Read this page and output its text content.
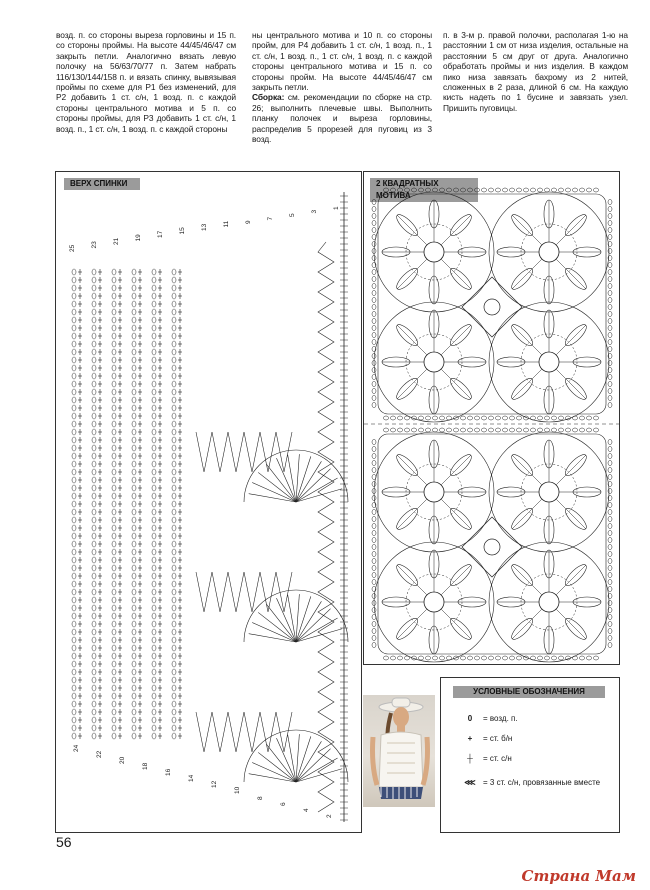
возд. п. со стороны выреза горловины и 15 п. со стороны проймы. На высоте 44/45/46/47 см закрыть петли. Аналогично вязать левую полочку на 56/63/70/77 п. Затем набрать 116/130/144/158 п. и вязать спинку, вывязывая проймы по схеме для Р1 без изменений, для Р2 добавить 1 ст. с/н, 1 возд. п. с каждой стороны центрального мотива и 5 п. со стороны проймы, для Р3 добавить 1 ст. с/н, 1 возд. п., 1 ст. с/н, 1 возд. п. с каждой стороны

ны центрального мотива и 10 п. со стороны пройм, для Р4 добавить 1 ст. с/н, 1 возд. п., 1 ст. с/н, 1 возд. п., 1 ст. с/н, 1 возд. п. с каждой стороны центрального мотива и 15 п. со стороны пройм. На высоте 44/45/46/47 см закрыть петли.
Сборка: см. рекомендации по сборке на стр. 26; выполнить плечевые швы. Выполнить планку полочек и выреза горловины, распределив 5 прорезей для пуговиц из 3 возд.

п. в 3-м р. правой полочки, располагая 1-ю на расстоянии 1 см от низа изделия, остальные на расстоянии 5 см друг от друга. Аналогично обработать проймы и низ изделия. В каждом пико низа завязать бахрому из 2 нитей, сложенных в 2 раза, длиной 6 см. На каждую кисть надеть по 1 бусине и завязать узел. Пришить пуговицы.

ВЕРХ СПИНКИ
25 23 21 19 17 15 13 11 9
7
5
3
1
24
22
20
18
16
14
12
10
8
6
4
2
2 КВАДРАТНЫХ МОТИВА
УСЛОВНЫЕ ОБОЗНАЧЕНИЯ
0	= возд. п.
+	= ст. б/н
┼	= ст. с/н
⋘ = 3 ст. с/н, провязанные вместе
56
Страна Мам
